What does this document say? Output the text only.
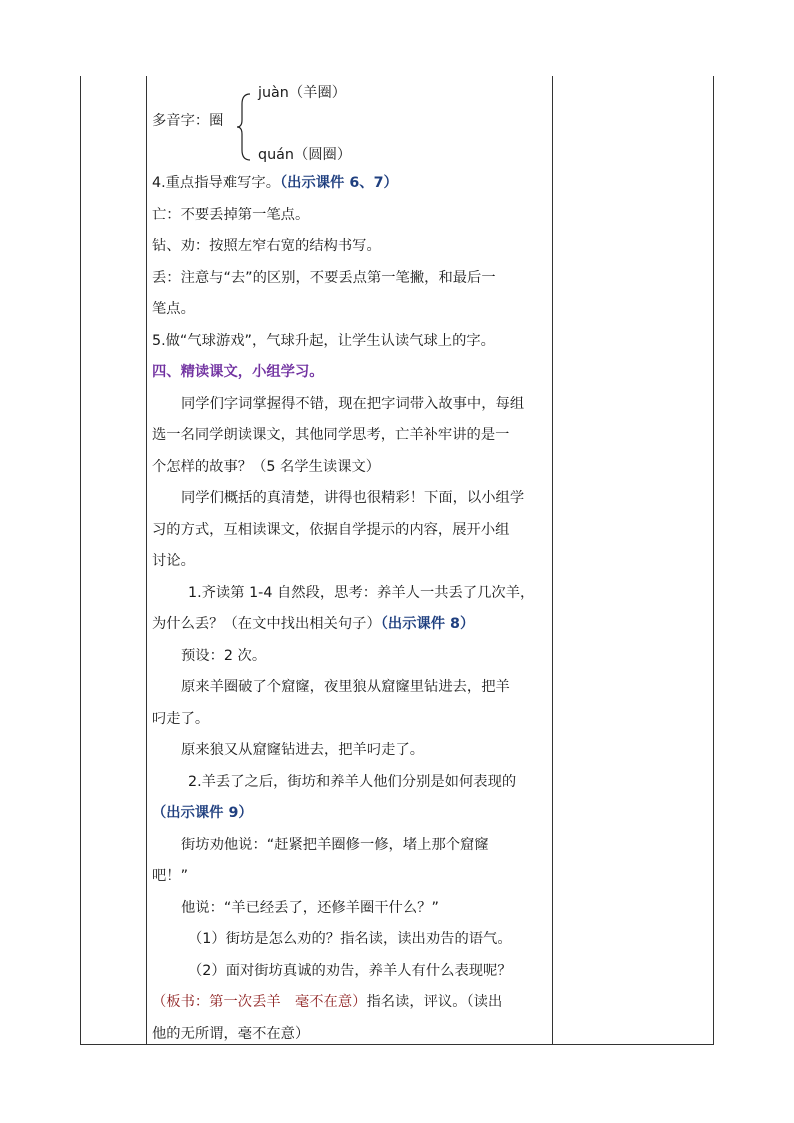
多音字：圈
juàn（羊圈）
quán（圆圈）
4.重点指导难写字。（出示课件 6、7）
亡：不要丢掉第一笔点。
钻、劝：按照左窄右宽的结构书写。
丢：注意与“去”的区别，不要丢点第一笔撇，和最后一
笔点。
5.做“气球游戏”，气球升起，让学生认读气球上的字。
四、精读课文，小组学习。
同学们字词掌握得不错，现在把字词带入故事中，每组
选一名同学朗读课文，其他同学思考，亡羊补牢讲的是一
个怎样的故事？（5 名学生读课文）
同学们概括的真清楚，讲得也很精彩！下面，以小组学
习的方式，互相读课文，依据自学提示的内容，展开小组
讨论。
1.齐读第 1-4 自然段，思考：养羊人一共丢了几次羊，
为什么丢？（在文中找出相关句子）（出示课件 8）
预设：2 次。
原来羊圈破了个窟窿，夜里狼从窟窿里钻进去，把羊
叼走了。
原来狼又从窟窿钻进去，把羊叼走了。
2.羊丢了之后，街坊和养羊人他们分别是如何表现的
（出示课件 9）
街坊劝他说：“赶紧把羊圈修一修，堵上那个窟窿
吧！”
他说：“羊已经丢了，还修羊圈干什么？”
（1）街坊是怎么劝的？指名读，读出劝告的语气。
（2）面对街坊真诚的劝告，养羊人有什么表现呢？
（板书：第一次丢羊　毫不在意）指名读，评议。（读出
他的无所谓，毫不在意）
